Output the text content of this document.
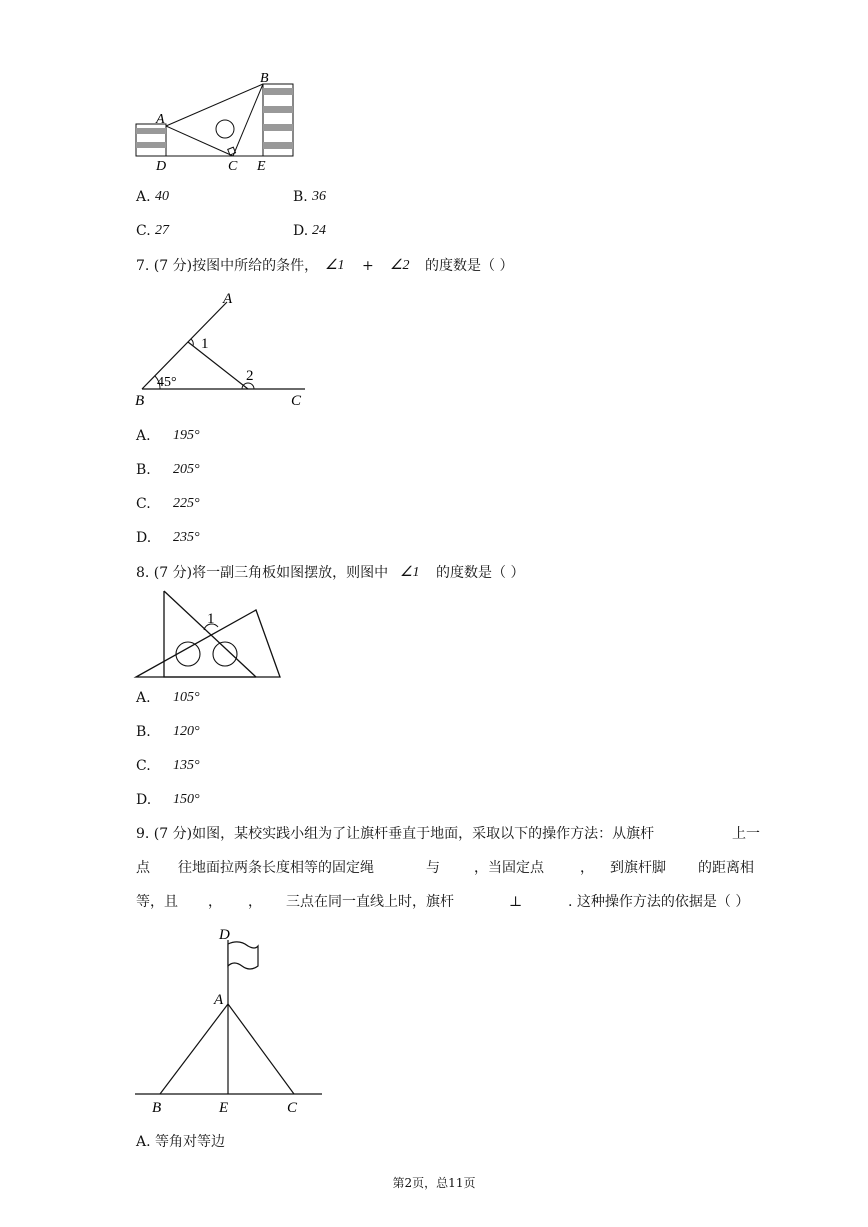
A
B
D	C E
A. 40	B. 36
C. 27	D. 24
7. (7 分)按图中所给的条件， ∠1 + ∠2 的度数是（ ）
A
1
45°	2
B	C
A. 195°
B. 205°
C. 225°
D. 235°
8. (7 分)将一副三角板如图摆放，则图中 ∠1 的度数是（ ）
1
A. 105°
B. 120°
C. 135°
D. 150°
9. (7 分)如图，某校实践小组为了让旗杆垂直于地面，采取以下的操作方法：从旗杆	上一
点 往地面拉两条长度相等的固定绳	与 ，当固定点	， 到旗杆脚 的距离相
等，且 ， ， 三点在同一直线上时，旗杆	⊥	. 这种操作方法的依据是（ ）
D
A
B	E	C
A. 等角对等边
第2页，总11页
